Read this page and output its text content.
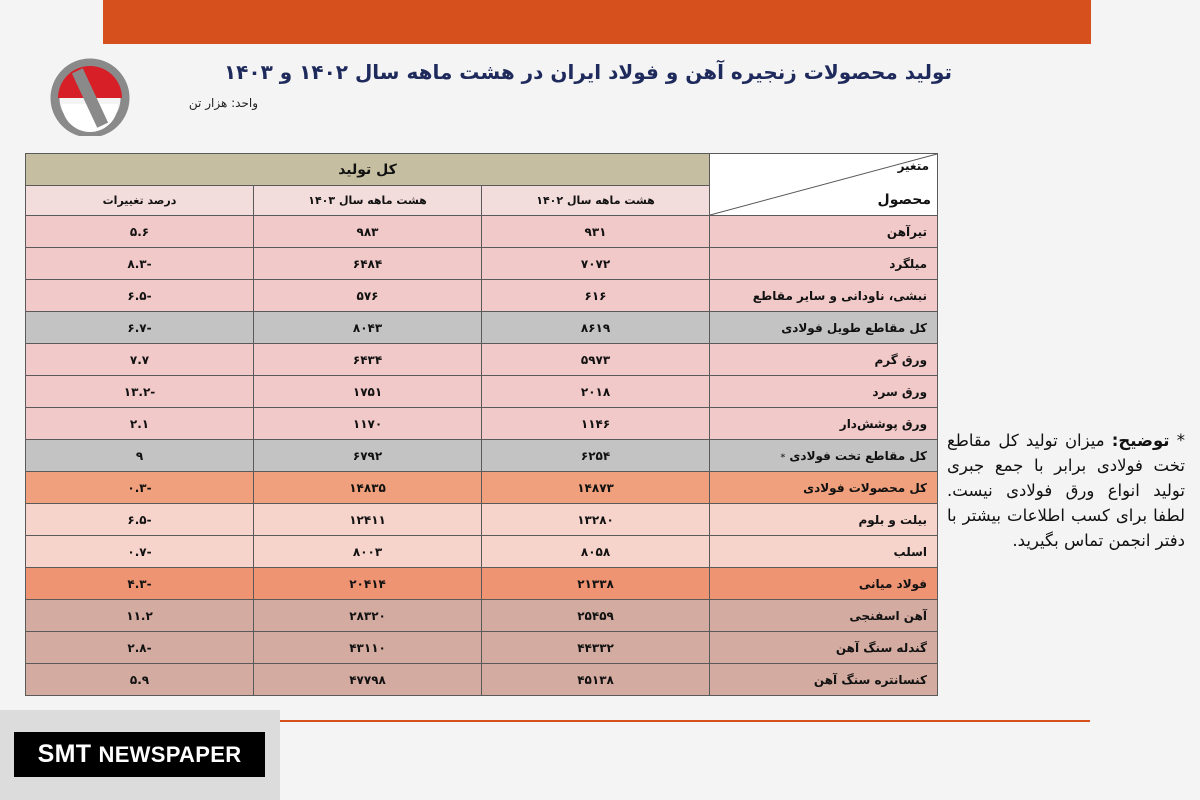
تولید محصولات زنجیره آهن و فولاد ایران در هشت ماهه سال ۱۴۰۲ و ۱۴۰۳
واحد: هزار تن
متغیر
محصول	کل تولید		
	هشت ماهه سال ۱۴۰۲	هشت ماهه سال ۱۴۰۳	درصد تغییرات
تیرآهن	۹۳۱	۹۸۳	۵.۶
میلگرد	۷۰۷۲	۶۴۸۴	-۸.۳
نبشی، ناودانی و سایر مقاطع	۶۱۶	۵۷۶	-۶.۵
کل مقاطع طویل فولادی	۸۶۱۹	۸۰۴۳	-۶.۷
ورق گرم	۵۹۷۳	۶۴۳۴	۷.۷
ورق سرد	۲۰۱۸	۱۷۵۱	-۱۳.۲
ورق پوشش‌دار	۱۱۴۶	۱۱۷۰	۲.۱
کل مقاطع تخت فولادی *	۶۲۵۴	۶۷۹۲	۹
کل محصولات فولادی	۱۴۸۷۳	۱۴۸۳۵	-۰.۳
بیلت و بلوم	۱۳۲۸۰	۱۲۴۱۱	-۶.۵
اسلب	۸۰۵۸	۸۰۰۳	-۰.۷
فولاد میانی	۲۱۳۳۸	۲۰۴۱۴	-۴.۳
آهن اسفنجی	۲۵۴۵۹	۲۸۳۲۰	۱۱.۲
گندله سنگ آهن	۴۴۳۳۲	۴۳۱۱۰	-۲.۸
کنسانتره سنگ آهن	۴۵۱۳۸	۴۷۷۹۸	۵.۹
* توضیح: میزان تولید کل مقاطع تخت فولادی برابر با جمع جبری تولید انواع ورق فولادی نیست. لطفا برای کسب اطلاعات بیشتر با دفتر انجمن تماس بگیرید.
SMT NEWSPAPER
